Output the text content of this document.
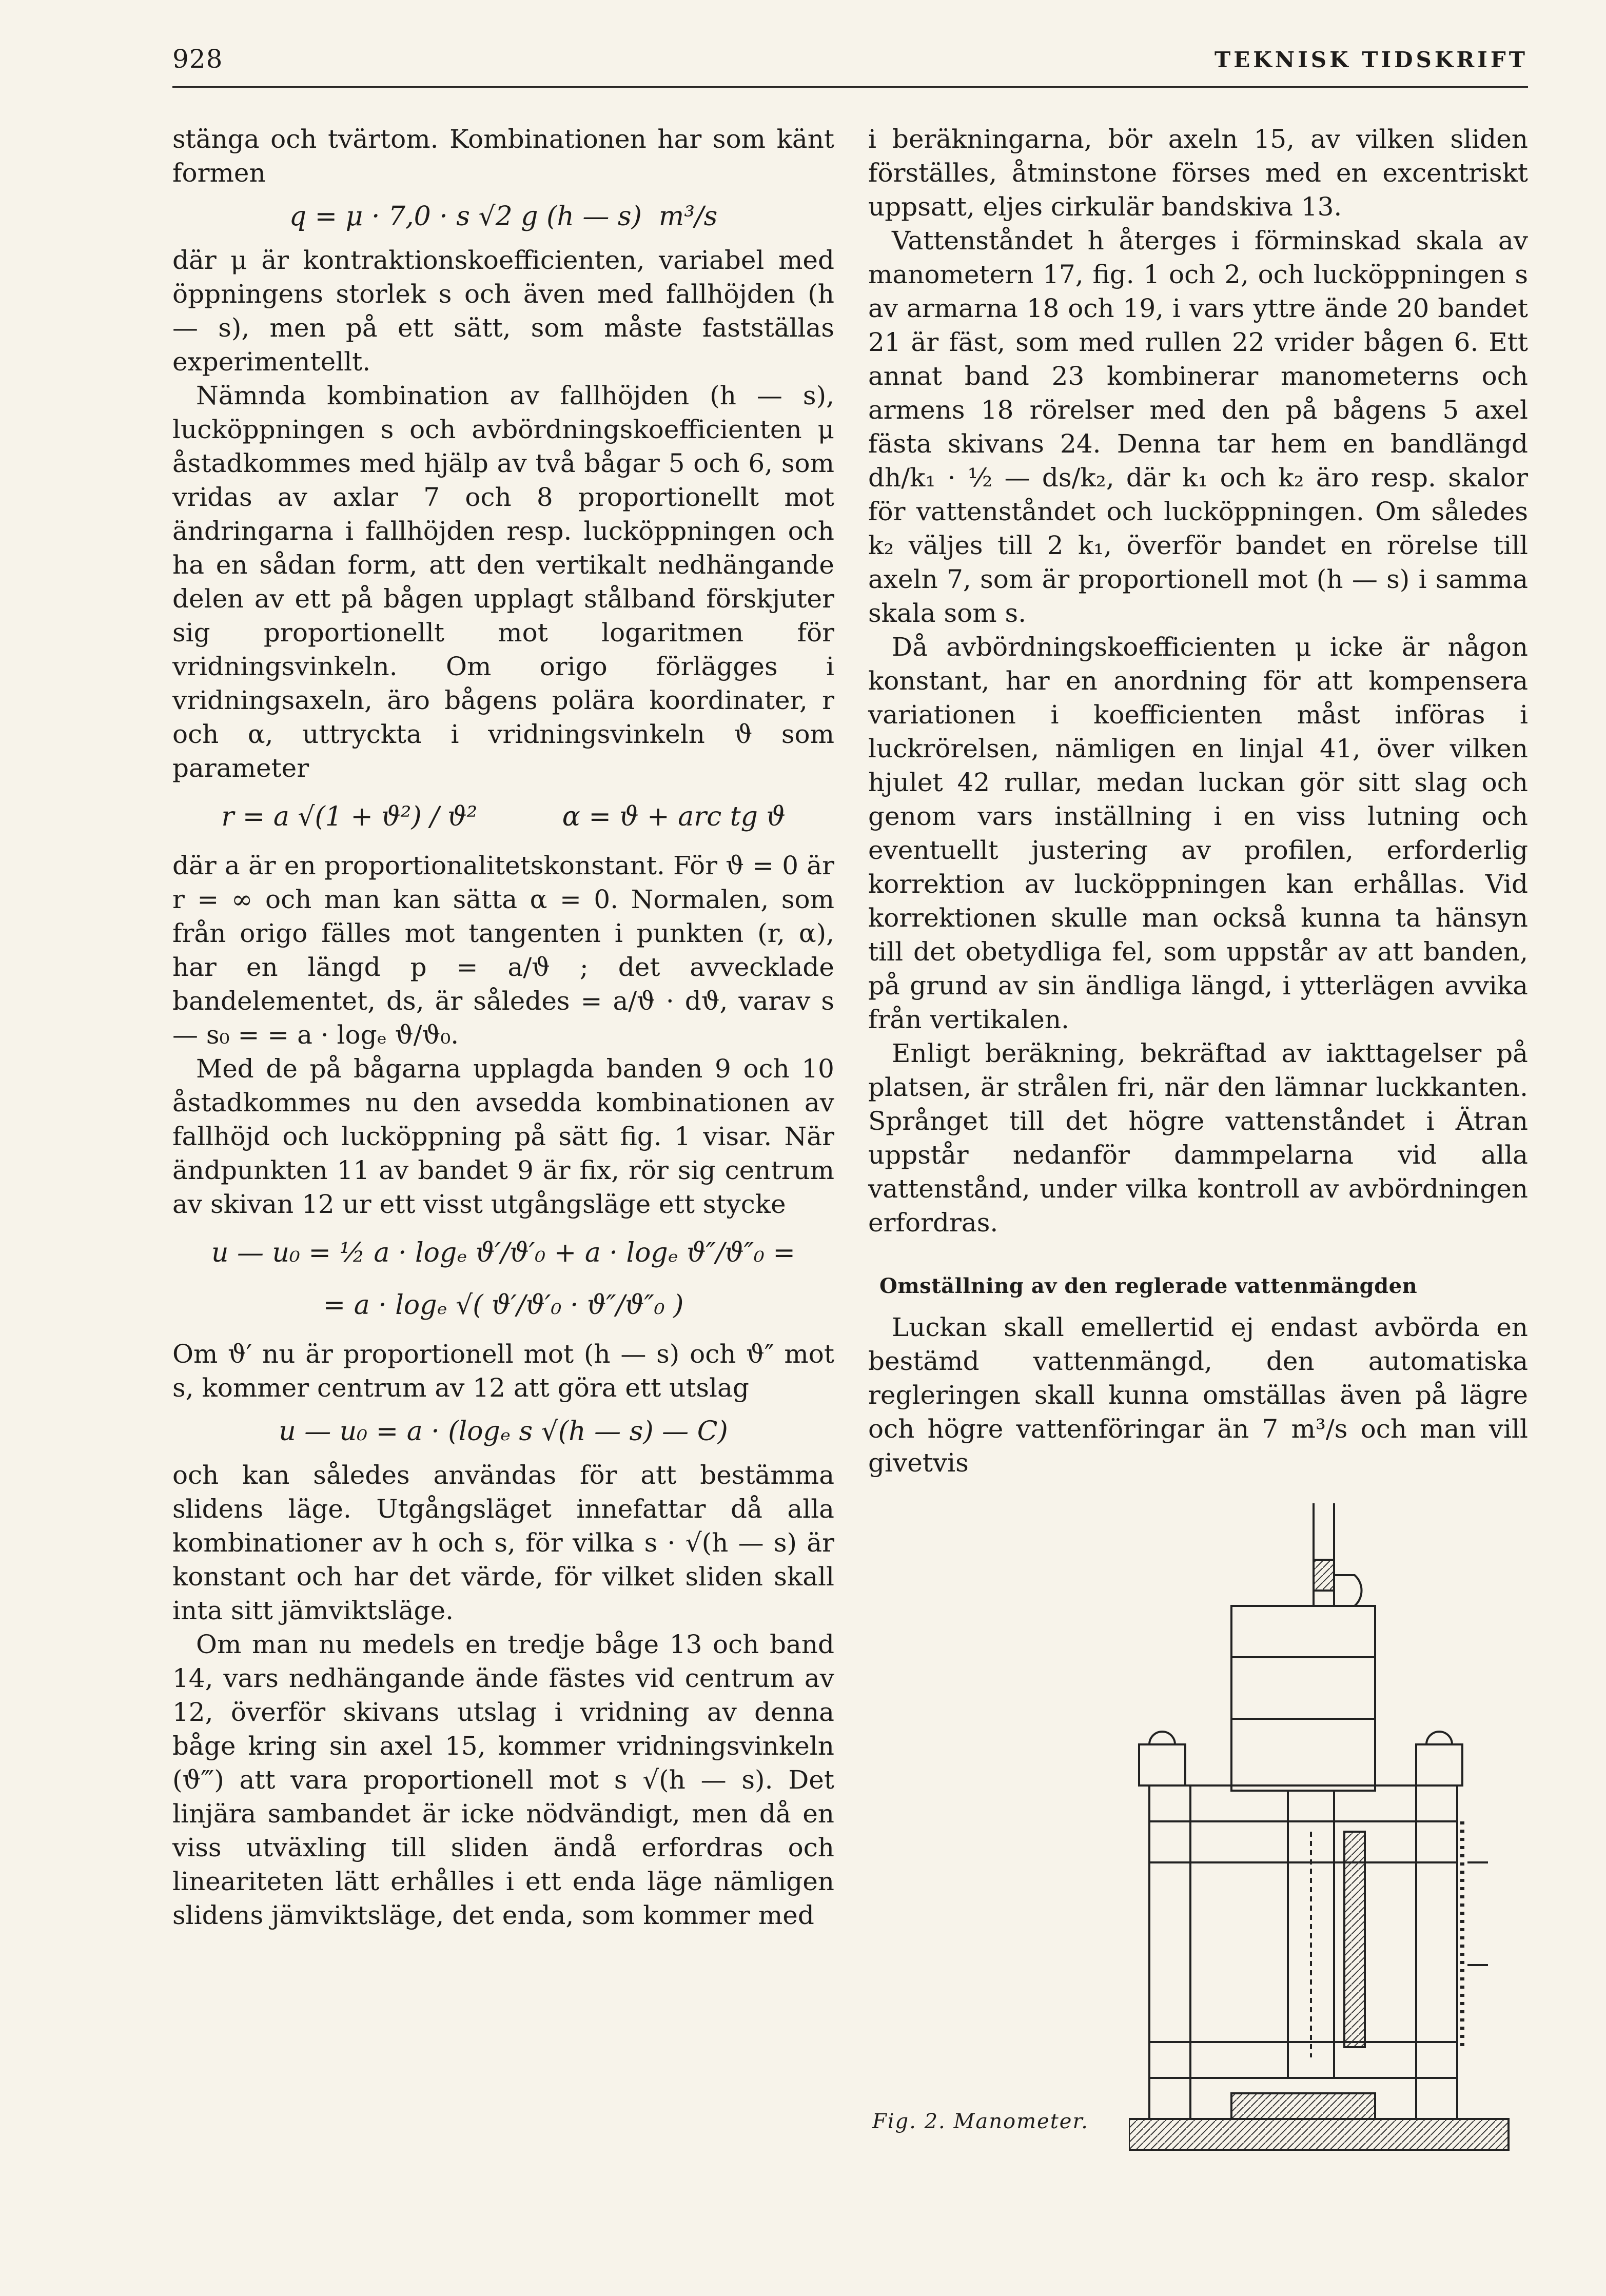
928	TEKNISK TIDSKRIFT

stänga och tvärtom. Kombinationen har som känt formen

q = μ · 7,0 · s √2 g (h — s)  m³/s

där μ är kontraktionskoefficienten, variabel med öppningens storlek s och även med fallhöjden (h — s), men på ett sätt, som måste fastställas experimentellt.

Nämnda kombination av fallhöjden (h — s), lucköppningen s och avbördningskoefficienten μ åstadkommes med hjälp av två bågar 5 och 6, som vridas av axlar 7 och 8 proportionellt mot ändringarna i fallhöjden resp. lucköppningen och ha en sådan form, att den vertikalt nedhängande delen av ett på bågen upplagt stålband förskjuter sig proportionellt mot logaritmen för vridningsvinkeln. Om origo förlägges i vridningsaxeln, äro bågens polära koordinater, r och α, uttryckta i vridningsvinkeln ϑ som parameter

r = a √(1 + ϑ²) / ϑ²          α = ϑ + arc tg ϑ

där a är en proportionalitetskonstant. För ϑ = 0 är r = ∞ och man kan sätta α = 0. Normalen, som från origo fälles mot tangenten i punkten (r, α), har en längd p = a/ϑ ; det avvecklade bandelementet, ds, är således = a/ϑ · dϑ, varav s — s₀ = = a · logₑ ϑ/ϑ₀.

Med de på bågarna upplagda banden 9 och 10 åstadkommes nu den avsedda kombinationen av fallhöjd och lucköppning på sätt fig. 1 visar. När ändpunkten 11 av bandet 9 är fix, rör sig centrum av skivan 12 ur ett visst utgångsläge ett stycke

u — u₀ = ½ a · logₑ ϑ′/ϑ′₀ + a · logₑ ϑ″/ϑ″₀ =
= a · logₑ √( ϑ′/ϑ′₀ · ϑ″/ϑ″₀ )

Om ϑ′ nu är proportionell mot (h — s) och ϑ″ mot s, kommer centrum av 12 att göra ett utslag

u — u₀ = a · (logₑ s √(h — s) — C)

och kan således användas för att bestämma slidens läge. Utgångsläget innefattar då alla kombinationer av h och s, för vilka s · √(h — s) är konstant och har det värde, för vilket sliden skall inta sitt jämviktsläge.

Om man nu medels en tredje båge 13 och band 14, vars nedhängande ände fästes vid centrum av 12, överför skivans utslag i vridning av denna båge kring sin axel 15, kommer vridningsvinkeln (ϑ‴) att vara proportionell mot s √(h — s). Det linjära sambandet är icke nödvändigt, men då en viss utväxling till sliden ändå erfordras och lineariteten lätt erhålles i ett enda läge nämligen slidens jämviktsläge, det enda, som kommer med

i beräkningarna, bör axeln 15, av vilken sliden förställes, åtminstone förses med en excentriskt uppsatt, eljes cirkulär bandskiva 13.

Vattenståndet h återges i förminskad skala av manometern 17, fig. 1 och 2, och lucköppningen s av armarna 18 och 19, i vars yttre ände 20 bandet 21 är fäst, som med rullen 22 vrider bågen 6. Ett annat band 23 kombinerar manometerns och armens 18 rörelser med den på bågens 5 axel fästa skivans 24. Denna tar hem en bandlängd dh/k₁ · ½ — ds/k₂, där k₁ och k₂ äro resp. skalor för vattenståndet och lucköppningen. Om således k₂ väljes till 2 k₁, överför bandet en rörelse till axeln 7, som är proportionell mot (h — s) i samma skala som s.

Då avbördningskoefficienten μ icke är någon konstant, har en anordning för att kompensera variationen i koefficienten måst införas i luckrörelsen, nämligen en linjal 41, över vilken hjulet 42 rullar, medan luckan gör sitt slag och genom vars inställning i en viss lutning och eventuellt justering av profilen, erforderlig korrektion av lucköppningen kan erhållas. Vid korrektionen skulle man också kunna ta hänsyn till det obetydliga fel, som uppstår av att banden, på grund av sin ändliga längd, i ytterlägen avvika från vertikalen.

Enligt beräkning, bekräftad av iakttagelser på platsen, är strålen fri, när den lämnar luckkanten. Språnget till det högre vattenståndet i Ätran uppstår nedanför dammpelarna vid alla vattenstånd, under vilka kontroll av avbördningen erfordras.

Omställning av den reglerade vattenmängden

Luckan skall emellertid ej endast avbörda en bestämd vattenmängd, den automatiska regleringen skall kunna omställas även på lägre och högre vattenföringar än 7 m³/s och man vill givetvis

Fig. 2. Manometer.
